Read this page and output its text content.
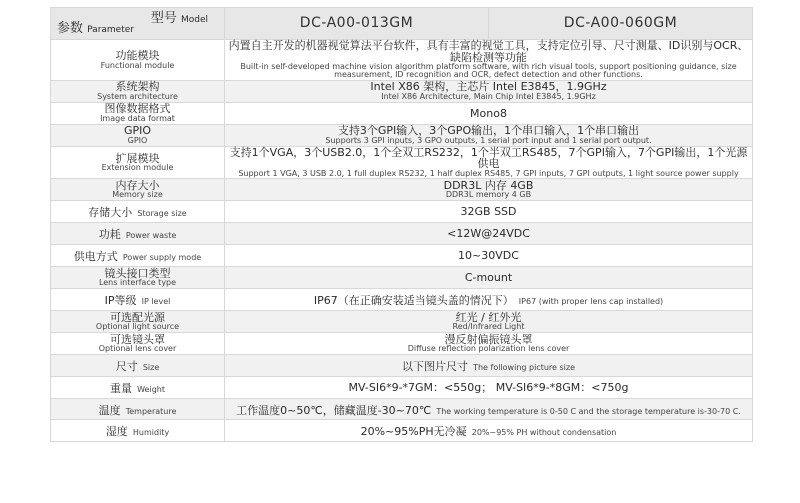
型号 Model
参数 Parameter	DC-A00-013GM	DC-A00-060GM

功能模块
Functional module	内置自主开发的机器视觉算法平台软件，具有丰富的视觉工具，支持定位引导、尺寸测量、ID识别与OCR、缺陷检测等功能
Built-in self-developed machine vision algorithm platform software, with rich visual tools, support positioning guidance, size measurement, ID recognition and OCR, defect detection and other functions.	

系统架构
System architecture	Intel X86 架构，主芯片 Intel E3845，1.9GHz
Intel X86 Architecture, Main Chip Intel E3845, 1.9GHz	

图像数据格式
Image data format	Mono8	

GPIO
GPIO	支持3个GPI输入，3个GPO输出，1个串口输入，1个串口输出
Supports 3 GPI inputs, 3 GPO outputs, 1 serial port input and 1 serial port output.	

扩展模块
Extension module	支持1个VGA，3个USB2.0，1个全双工RS232，1个半双工RS485，7个GPI输入，7个GPI输出，1个光源供电
Support 1 VGA, 3 USB 2.0, 1 full duplex RS232, 1 half duplex RS485, 7 GPI inputs, 7 GPI outputs, 1 light source power supply	

内存大小
Memory size	DDR3L 内存 4GB
DDR3L memory 4 GB	

存储大小 Storage size	32GB SSD	

功耗 Power waste	<12W@24VDC	

供电方式 Power supply mode	10~30VDC	

镜头接口类型
Lens interface type	C-mount	

IP等级 IP level	IP67（在正确安装适当镜头盖的情况下） IP67 (with proper lens cap installed)	

可选配光源
Optional light source	红光 / 红外光
Red/Infrared Light	

可选镜头罩
Optional lens cover	漫反射偏振镜头罩
Diffuse reflection polarization lens cover	

尺寸 Size	以下图片尺寸 The following picture size	
重量 Weight	MV-SI6*9-*7GM：<550g； MV-SI6*9-*8GM：<750g	

温度 Temperature	工作温度0~50℃，储藏温度-30~70℃ The working temperature is 0-50 C and the storage temperature is-30-70 C.	
湿度 Humidity	20%~95%PH无冷凝 20%~95% PH without condensation	
